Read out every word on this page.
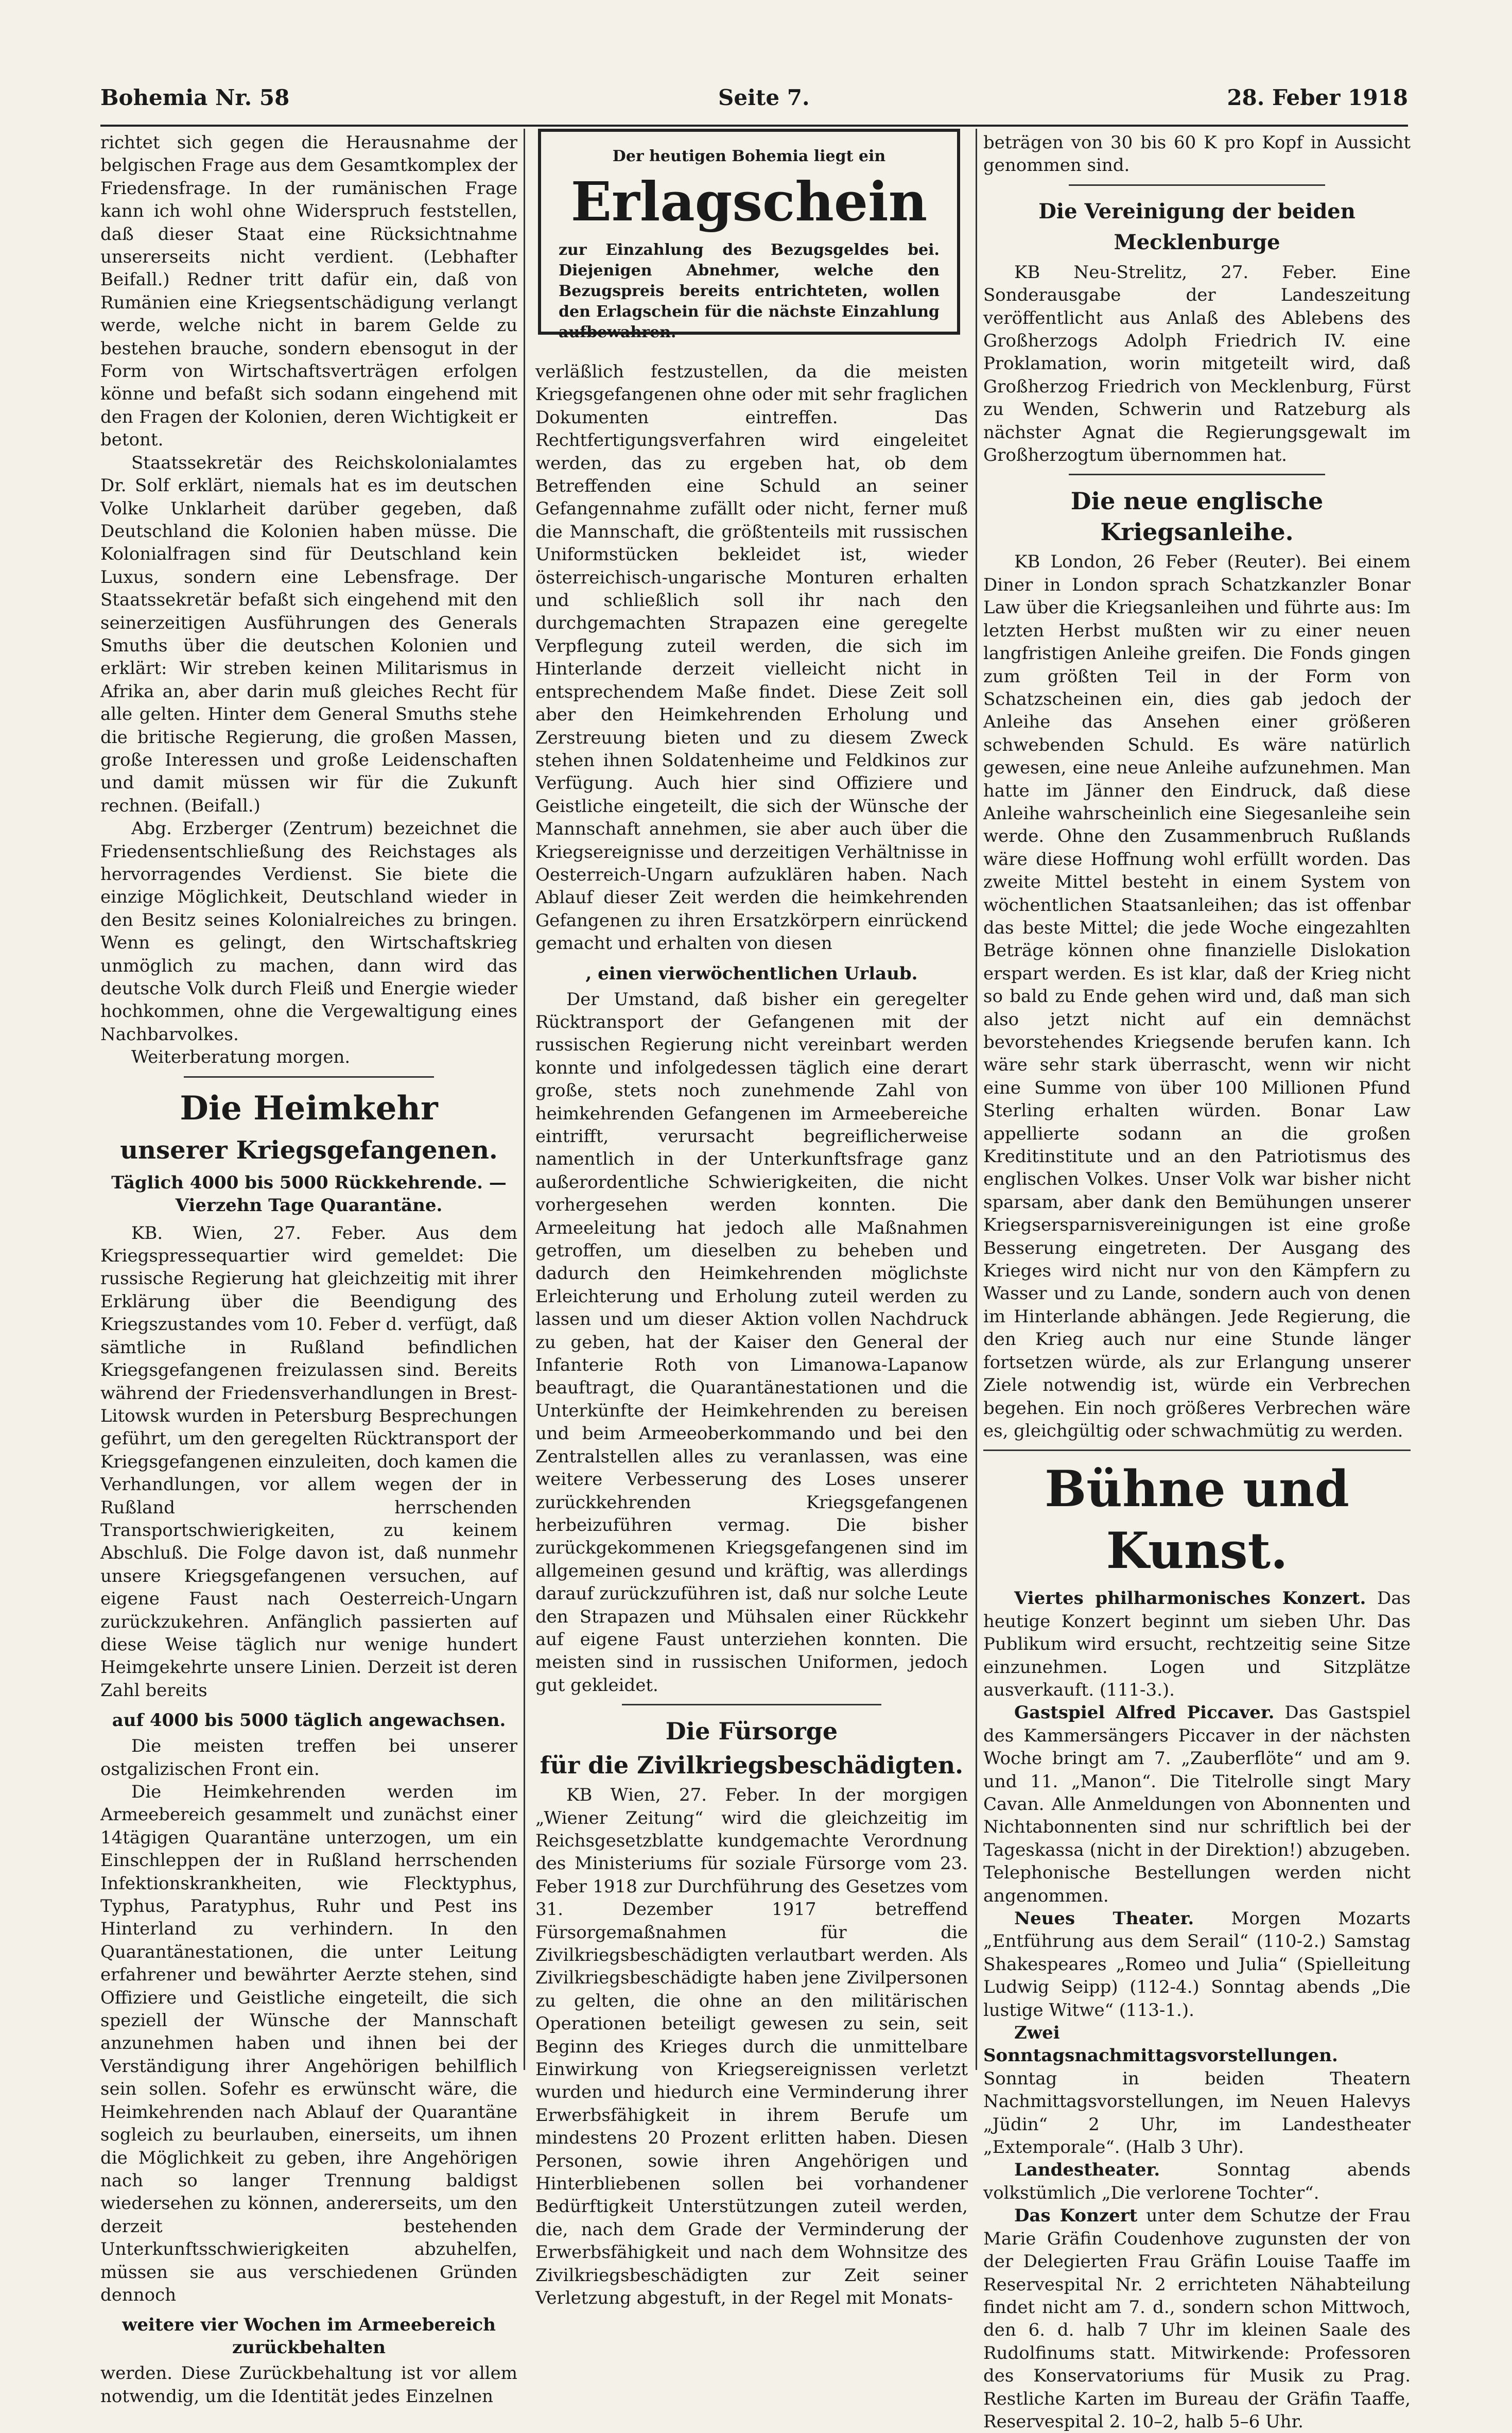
Bohemia Nr. 58	Seite 7.	28. Feber 1918

richtet sich gegen die Herausnahme der belgischen Frage aus dem Gesamtkomplex der Friedensfrage. In der rumänischen Frage kann ich wohl ohne Widerspruch feststellen, daß dieser Staat eine Rücksichtnahme unsererseits nicht verdient. (Lebhafter Beifall.) Redner tritt dafür ein, daß von Rumänien eine Kriegsentschädigung verlangt werde, welche nicht in barem Gelde zu bestehen brauche, sondern ebensogut in der Form von Wirtschaftsverträgen erfolgen könne und befaßt sich sodann eingehend mit den Fragen der Kolonien, deren Wichtigkeit er betont.

Staatssekretär des Reichskolonialamtes Dr. Solf erklärt, niemals hat es im deutschen Volke Unklarheit darüber gegeben, daß Deutschland die Kolonien haben müsse. Die Kolonialfragen sind für Deutschland kein Luxus, sondern eine Lebensfrage. Der Staatssekretär befaßt sich eingehend mit den seinerzeitigen Ausführungen des Generals Smuths über die deutschen Kolonien und erklärt: Wir streben keinen Militarismus in Afrika an, aber darin muß gleiches Recht für alle gelten. Hinter dem General Smuths stehe die britische Regierung, die großen Massen, große Interessen und große Leidenschaften und damit müssen wir für die Zukunft rechnen. (Beifall.)

Abg. Erzberger (Zentrum) bezeichnet die Friedensentschließung des Reichstages als hervorragendes Verdienst. Sie biete die einzige Möglichkeit, Deutschland wieder in den Besitz seines Kolonialreiches zu bringen. Wenn es gelingt, den Wirtschaftskrieg unmöglich zu machen, dann wird das deutsche Volk durch Fleiß und Energie wieder hochkommen, ohne die Vergewaltigung eines Nachbarvolkes.

Weiterberatung morgen.

Die Heimkehr
unserer Kriegsgefangenen.
Täglich 4000 bis 5000 Rückkehrende. — Vierzehn Tage Quarantäne.

KB. Wien, 27. Feber. Aus dem Kriegspressequartier wird gemeldet: Die russische Regierung hat gleichzeitig mit ihrer Erklärung über die Beendigung des Kriegszustandes vom 10. Feber d. verfügt, daß sämtliche in Rußland befindlichen Kriegsgefangenen freizulassen sind. Bereits während der Friedensverhandlungen in Brest-Litowsk wurden in Petersburg Besprechungen geführt, um den geregelten Rücktransport der Kriegsgefangenen einzuleiten, doch kamen die Verhandlungen, vor allem wegen der in Rußland herrschenden Transportschwierigkeiten, zu keinem Abschluß. Die Folge davon ist, daß nunmehr unsere Kriegsgefangenen versuchen, auf eigene Faust nach Oesterreich-Ungarn zurückzukehren. Anfänglich passierten auf diese Weise täglich nur wenige hundert Heimgekehrte unsere Linien. Derzeit ist deren Zahl bereits

auf 4000 bis 5000 täglich angewachsen.

Die meisten treffen bei unserer ostgalizischen Front ein.

Die Heimkehrenden werden im Armeebereich gesammelt und zunächst einer 14tägigen Quarantäne unterzogen, um ein Einschleppen der in Rußland herrschenden Infektionskrankheiten, wie Flecktyphus, Typhus, Paratyphus, Ruhr und Pest ins Hinterland zu verhindern. In den Quarantänestationen, die unter Leitung erfahrener und bewährter Aerzte stehen, sind Offiziere und Geistliche eingeteilt, die sich speziell der Wünsche der Mannschaft anzunehmen haben und ihnen bei der Verständigung ihrer Angehörigen behilflich sein sollen. Sofehr es erwünscht wäre, die Heimkehrenden nach Ablauf der Quarantäne sogleich zu beurlauben, einerseits, um ihnen die Möglichkeit zu geben, ihre Angehörigen nach so langer Trennung baldigst wiedersehen zu können, andererseits, um den derzeit bestehenden Unterkunftsschwierigkeiten abzuhelfen, müssen sie aus verschiedenen Gründen dennoch

weitere vier Wochen im Armeebereich zurückbehalten

werden. Diese Zurückbehaltung ist vor allem notwendig, um die Identität jedes Einzelnen

Der heutigen Bohemia liegt ein
Erlagschein
zur Einzahlung des Bezugsgeldes bei. Diejenigen Abnehmer, welche den Bezugspreis bereits entrichteten, wollen den Erlagschein für die nächste Einzahlung aufbewahren.

verläßlich festzustellen, da die meisten Kriegsgefangenen ohne oder mit sehr fraglichen Dokumenten eintreffen. Das Rechtfertigungsverfahren wird eingeleitet werden, das zu ergeben hat, ob dem Betreffenden eine Schuld an seiner Gefangennahme zufällt oder nicht, ferner muß die Mannschaft, die größtenteils mit russischen Uniformstücken bekleidet ist, wieder österreichisch-ungarische Monturen erhalten und schließlich soll ihr nach den durchgemachten Strapazen eine geregelte Verpflegung zuteil werden, die sich im Hinterlande derzeit vielleicht nicht in entsprechendem Maße findet. Diese Zeit soll aber den Heimkehrenden Erholung und Zerstreuung bieten und zu diesem Zweck stehen ihnen Soldatenheime und Feldkinos zur Verfügung. Auch hier sind Offiziere und Geistliche eingeteilt, die sich der Wünsche der Mannschaft annehmen, sie aber auch über die Kriegsereignisse und derzeitigen Verhältnisse in Oesterreich-Ungarn aufzuklären haben. Nach Ablauf dieser Zeit werden die heimkehrenden Gefangenen zu ihren Ersatzkörpern einrückend gemacht und erhalten von diesen

, einen vierwöchentlichen Urlaub.

Der Umstand, daß bisher ein geregelter Rücktransport der Gefangenen mit der russischen Regierung nicht vereinbart werden konnte und infolgedessen täglich eine derart große, stets noch zunehmende Zahl von heimkehrenden Gefangenen im Armeebereiche eintrifft, verursacht begreiflicherweise namentlich in der Unterkunftsfrage ganz außerordentliche Schwierigkeiten, die nicht vorhergesehen werden konnten. Die Armeeleitung hat jedoch alle Maßnahmen getroffen, um dieselben zu beheben und dadurch den Heimkehrenden möglichste Erleichterung und Erholung zuteil werden zu lassen und um dieser Aktion vollen Nachdruck zu geben, hat der Kaiser den General der Infanterie Roth von Limanowa-Lapanow beauftragt, die Quarantänestationen und die Unterkünfte der Heimkehrenden zu bereisen und beim Armeeoberkommando und bei den Zentralstellen alles zu veranlassen, was eine weitere Verbesserung des Loses unserer zurückkehrenden Kriegsgefangenen herbeizuführen vermag. Die bisher zurückgekommenen Kriegsgefangenen sind im allgemeinen gesund und kräftig, was allerdings darauf zurückzuführen ist, daß nur solche Leute den Strapazen und Mühsalen einer Rückkehr auf eigene Faust unterziehen konnten. Die meisten sind in russischen Uniformen, jedoch gut gekleidet.

Die Fürsorge
für die Zivilkriegsbeschädigten.

KB Wien, 27. Feber. In der morgigen „Wiener Zeitung“ wird die gleichzeitig im Reichsgesetzblatte kundgemachte Verordnung des Ministeriums für soziale Fürsorge vom 23. Feber 1918 zur Durchführung des Gesetzes vom 31. Dezember 1917 betreffend Fürsorgemaßnahmen für die Zivilkriegsbeschädigten verlautbart werden. Als Zivilkriegsbeschädigte haben jene Zivilpersonen zu gelten, die ohne an den militärischen Operationen beteiligt gewesen zu sein, seit Beginn des Krieges durch die unmittelbare Einwirkung von Kriegsereignissen verletzt wurden und hiedurch eine Verminderung ihrer Erwerbsfähigkeit in ihrem Berufe um mindestens 20 Prozent erlitten haben. Diesen Personen, sowie ihren Angehörigen und Hinterbliebenen sollen bei vorhandener Bedürftigkeit Unterstützungen zuteil werden, die, nach dem Grade der Verminderung der Erwerbsfähigkeit und nach dem Wohnsitze des Zivilkriegsbeschädigten zur Zeit seiner Verletzung abgestuft, in der Regel mit Monats-

beträgen von 30 bis 60 K pro Kopf in Aussicht genommen sind.

Die Vereinigung der beiden Mecklenburge

KB Neu-Strelitz, 27. Feber. Eine Sonderausgabe der Landeszeitung veröffentlicht aus Anlaß des Ablebens des Großherzogs Adolph Friedrich IV. eine Proklamation, worin mitgeteilt wird, daß Großherzog Friedrich von Mecklenburg, Fürst zu Wenden, Schwerin und Ratzeburg als nächster Agnat die Regierungsgewalt im Großherzogtum übernommen hat.

Die neue englische Kriegsanleihe.

KB London, 26 Feber (Reuter). Bei einem Diner in London sprach Schatzkanzler Bonar Law über die Kriegsanleihen und führte aus: Im letzten Herbst mußten wir zu einer neuen langfristigen Anleihe greifen. Die Fonds gingen zum größten Teil in der Form von Schatzscheinen ein, dies gab jedoch der Anleihe das Ansehen einer größeren schwebenden Schuld. Es wäre natürlich gewesen, eine neue Anleihe aufzunehmen. Man hatte im Jänner den Eindruck, daß diese Anleihe wahrscheinlich eine Siegesanleihe sein werde. Ohne den Zusammenbruch Rußlands wäre diese Hoffnung wohl erfüllt worden. Das zweite Mittel besteht in einem System von wöchentlichen Staatsanleihen; das ist offenbar das beste Mittel; die jede Woche eingezahlten Beträge können ohne finanzielle Dislokation erspart werden. Es ist klar, daß der Krieg nicht so bald zu Ende gehen wird und, daß man sich also jetzt nicht auf ein demnächst bevorstehendes Kriegsende berufen kann. Ich wäre sehr stark überrascht, wenn wir nicht eine Summe von über 100 Millionen Pfund Sterling erhalten würden. Bonar Law appellierte sodann an die großen Kreditinstitute und an den Patriotismus des englischen Volkes. Unser Volk war bisher nicht sparsam, aber dank den Bemühungen unserer Kriegsersparnisvereinigungen ist eine große Besserung eingetreten. Der Ausgang des Krieges wird nicht nur von den Kämpfern zu Wasser und zu Lande, sondern auch von denen im Hinterlande abhängen. Jede Regierung, die den Krieg auch nur eine Stunde länger fortsetzen würde, als zur Erlangung unserer Ziele notwendig ist, würde ein Verbrechen begehen. Ein noch größeres Verbrechen wäre es, gleichgültig oder schwachmütig zu werden.

Bühne und Kunst.

Viertes philharmonisches Konzert. Das heutige Konzert beginnt um sieben Uhr. Das Publikum wird ersucht, rechtzeitig seine Sitze einzunehmen. Logen und Sitzplätze ausverkauft. (111-3.).

Gastspiel Alfred Piccaver. Das Gastspiel des Kammersängers Piccaver in der nächsten Woche bringt am 7. „Zauberflöte“ und am 9. und 11. „Manon“. Die Titelrolle singt Mary Cavan. Alle Anmeldungen von Abonnenten und Nichtabonnenten sind nur schriftlich bei der Tageskassa (nicht in der Direktion!) abzugeben. Telephonische Bestellungen werden nicht angenommen.

Neues Theater. Morgen Mozarts „Entführung aus dem Serail“ (110-2.) Samstag Shakespeares „Romeo und Julia“ (Spielleitung Ludwig Seipp) (112-4.) Sonntag abends „Die lustige Witwe“ (113-1.).

Zwei Sonntagsnachmittagsvorstellungen. Sonntag in beiden Theatern Nachmittagsvorstellungen, im Neuen Halevys „Jüdin“ 2 Uhr, im Landestheater „Extemporale“. (Halb 3 Uhr).

Landestheater. Sonntag abends volkstümlich „Die verlorene Tochter“.

Das Konzert unter dem Schutze der Frau Marie Gräfin Coudenhove zugunsten der von der Delegierten Frau Gräfin Louise Taaffe im Reservespital Nr. 2 errichteten Nähabteilung findet nicht am 7. d., sondern schon Mittwoch, den 6. d. halb 7 Uhr im kleinen Saale des Rudolfinums statt. Mitwirkende: Professoren des Konservatoriums für Musik zu Prag. Restliche Karten im Bureau der Gräfin Taaffe, Reservespital 2. 10–2, halb 5–6 Uhr.
